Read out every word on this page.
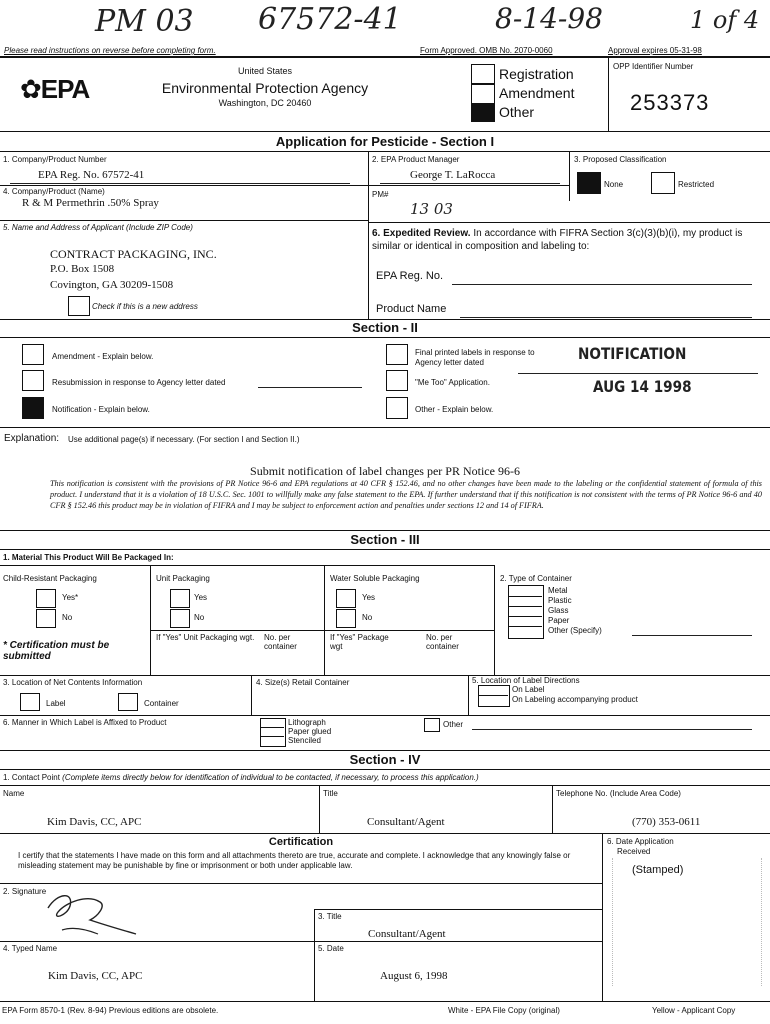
PM 03 67572-41	8-14-98	1 of 4
Please read instructions on reverse before completing form.	Form Approved. OMB No. 2070-0060	Approval expires 05-31-98
✿EPA
United States
Environmental Protection Agency
Washington, DC 20460
Registration
Amendment
Other
OPP Identifier Number
253373
Application for Pesticide - Section I
1. Company/Product Number
EPA Reg. No. 67572-41
2. EPA Product Manager
George T. LaRocca
3. Proposed Classification
None	Restricted
4. Company/Product (Name)
R & M Permethrin .50% Spray
PM#
13 03
5. Name and Address of Applicant (Include ZIP Code)
CONTRACT PACKAGING, INC.
P.O. Box 1508
Covington, GA 30209-1508
Check if this is a new address
6. Expedited Review. In accordance with FIFRA Section 3(c)(3)(b)(i), my product is similar or identical in composition and labeling to:
EPA Reg. No.
Product Name
Section - II
Amendment - Explain below.
Resubmission in response to Agency letter dated
Notification - Explain below.
Final printed labels in response to
Agency letter dated
"Me Too" Application.
Other - Explain below.
NOTIFICATION
AUG 14 1998
Explanation: Use additional page(s) if necessary. (For section I and Section II.)
Submit notification of label changes per PR Notice 96-6
This notification is consistent with the provisions of PR Notice 96-6 and EPA regulations at 40 CFR § 152.46, and no other changes have been made to the labeling or the confidential statement of formula of this product. I understand that it is a violation of 18 U.S.C. Sec. 1001 to willfully make any false statement to the EPA. If further understand that if this notification is not consistent with the terms of PR Notice 96-6 and 40 CFR § 152.46 this product may be in violation of FIFRA and I may be subject to enforcement action and penalties under sections 12 and 14 of FIFRA.
Section - III
1. Material This Product Will Be Packaged In:
Child-Resistant Packaging
Yes*
No
* Certification must be submitted
Unit Packaging
Yes
No
If "Yes" Unit Packaging wgt. No. per container
Water Soluble Packaging
Yes
No
If "Yes" Package wgt
No. per container
2. Type of Container
Metal
Plastic
Glass
Paper
Other (Specify)
3. Location of Net Contents Information
Label	Container
4. Size(s) Retail Container	5. Location of Label Directions
On Label
On Labeling accompanying product
6. Manner in Which Label is Affixed to Product	Lithograph
Paper glued
Stenciled
Other
Section - IV
1. Contact Point (Complete items directly below for identification of individual to be contacted, if necessary, to process this application.)
Name
Kim Davis, CC, APC
Title
Consultant/Agent
Telephone No. (Include Area Code)
(770) 353-0611
Certification
I certify that the statements I have made on this form and all attachments thereto are true, accurate and complete. I acknowledge that any knowingly false or misleading statement may be punishable by fine or imprisonment or both under applicable law.
6. Date Application
Received
(Stamped)
2. Signature
3. Title
Consultant/Agent
4. Typed Name
Kim Davis, CC, APC
5. Date
August 6, 1998
EPA Form 8570-1 (Rev. 8-94) Previous editions are obsolete.	White - EPA File Copy (original)	Yellow - Applicant Copy
